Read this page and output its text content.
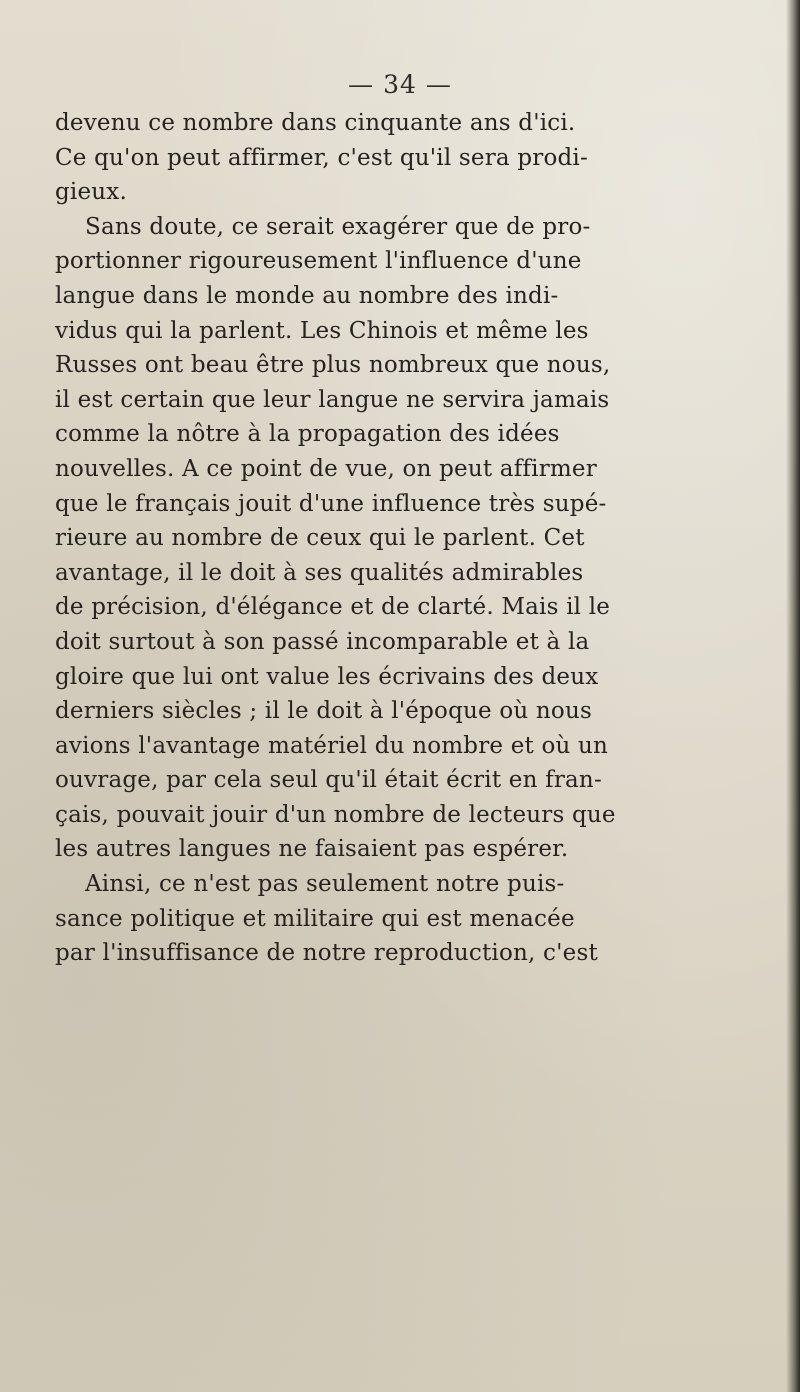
— 34 —
devenu ce nombre dans cinquante ans d'ici.
Ce qu'on peut affirmer, c'est qu'il sera prodi-
gieux.
Sans doute, ce serait exagérer que de pro-
portionner rigoureusement l'influence d'une
langue dans le monde au nombre des indi-
vidus qui la parlent. Les Chinois et même les
Russes ont beau être plus nombreux que nous,
il est certain que leur langue ne servira jamais
comme la nôtre à la propagation des idées
nouvelles. A ce point de vue, on peut affirmer
que le français jouit d'une influence très supé-
rieure au nombre de ceux qui le parlent. Cet
avantage, il le doit à ses qualités admirables
de précision, d'élégance et de clarté. Mais il le
doit surtout à son passé incomparable et à la
gloire que lui ont value les écrivains des deux
derniers siècles ; il le doit à l'époque où nous
avions l'avantage matériel du nombre et où un
ouvrage, par cela seul qu'il était écrit en fran-
çais, pouvait jouir d'un nombre de lecteurs que
les autres langues ne faisaient pas espérer.
Ainsi, ce n'est pas seulement notre puis-
sance politique et militaire qui est menacée
par l'insuffisance de notre reproduction, c'est
